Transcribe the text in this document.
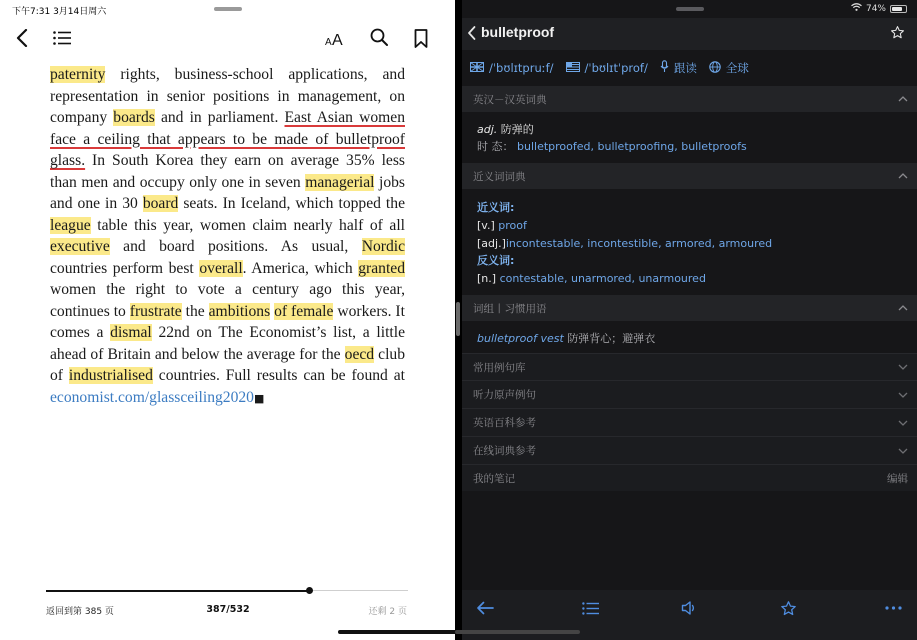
下午7:31 3月14日周六
A A
paternity rights, business-school applications, and representation in senior positions in management, on company boards and in parliament. East Asian women face a ceiling that appears to be made of bulletproof glass. In South Korea they earn on average 35% less than men and occupy only one in seven managerial jobs and one in 30 board seats. In Iceland, which topped the league table this year, women claim nearly half of all executive and board positions. As usual, Nordic countries perform best overall. America, which granted women the right to vote a century ago this year, continues to frustrate the ambitions of female workers. It comes a dismal 22nd on The Economist’s list, a little ahead of Britain and below the average for the oecd club of industrialised countries. Full results can be found at economist.com/glassceiling2020■
返回到第 385 页	387/532	还剩 2 页
74%
bulletproof
/ˈbʊlɪtpruːf/	/ˈbʊlɪtˈprof/ 跟读	全球
英汉－汉英词典
adj. 防弹的
时 态： bulletproofed, bulletproofing, bulletproofs
近义词词典
近义词:
[v.] proof
[adj.]incontestable, incontestible, armored, armoured
反义词:
[n.] contestable, unarmored, unarmoured
词组丨习惯用语
bulletproof vest 防弹背心；避弹衣
常用例句库
听力原声例句
英语百科参考
在线词典参考
我的笔记	编辑
